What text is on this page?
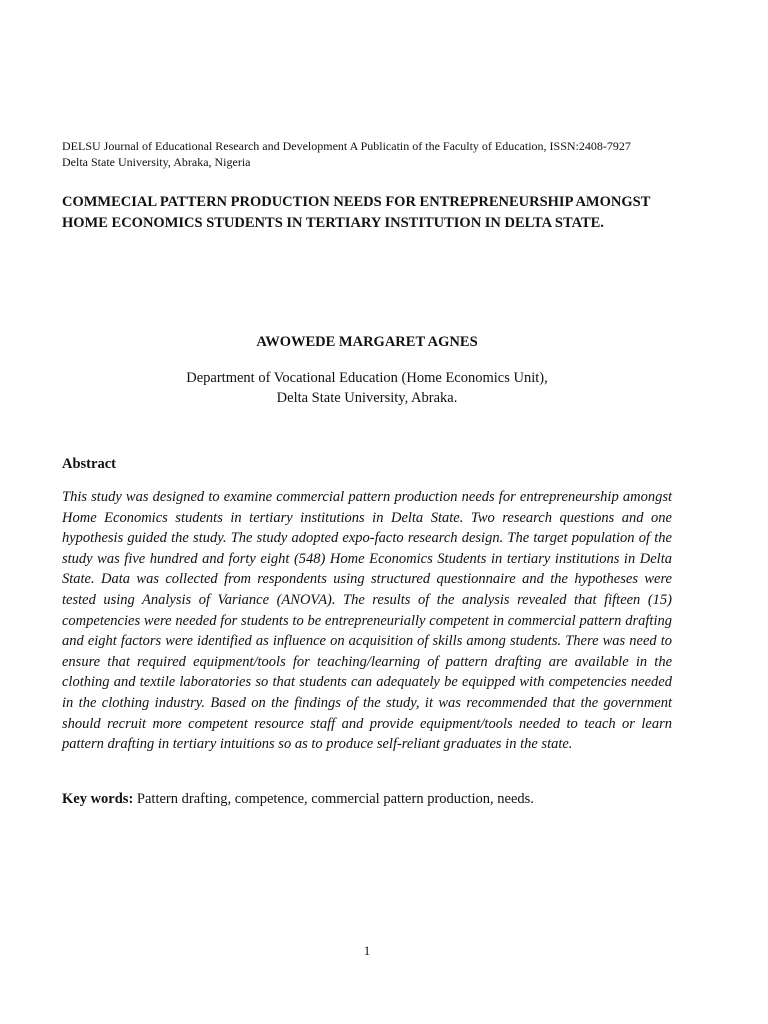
DELSU Journal of Educational Research and Development A Publicatin of the Faculty of Education, ISSN:2408-7927
Delta State University, Abraka, Nigeria
COMMECIAL PATTERN PRODUCTION NEEDS FOR ENTREPRENEURSHIP AMONGST HOME ECONOMICS STUDENTS IN TERTIARY INSTITUTION IN DELTA STATE.
AWOWEDE MARGARET AGNES
Department of Vocational Education (Home Economics Unit),
Delta State University, Abraka.
Abstract
This study was designed to examine commercial pattern production needs for entrepreneurship amongst Home Economics students in tertiary institutions in Delta State. Two research questions and one hypothesis guided the study. The study adopted expo-facto research design. The target population of the study was five hundred and forty eight (548) Home Economics Students in tertiary institutions in Delta State. Data was collected from respondents using structured questionnaire and the hypotheses were tested using Analysis of Variance (ANOVA). The results of the analysis revealed that fifteen (15) competencies were needed for students to be entrepreneurially competent in commercial pattern drafting and eight factors were identified as influence on acquisition of skills among students. There was need to ensure that required equipment/tools for teaching/learning of pattern drafting are available in the clothing and textile laboratories so that students can adequately be equipped with competencies needed in the clothing industry. Based on the findings of the study, it was recommended that the government should recruit more competent resource staff and provide equipment/tools needed to teach or learn pattern drafting in tertiary intuitions so as to produce self-reliant graduates in the state.
Key words: Pattern drafting, competence, commercial pattern production, needs.
1
